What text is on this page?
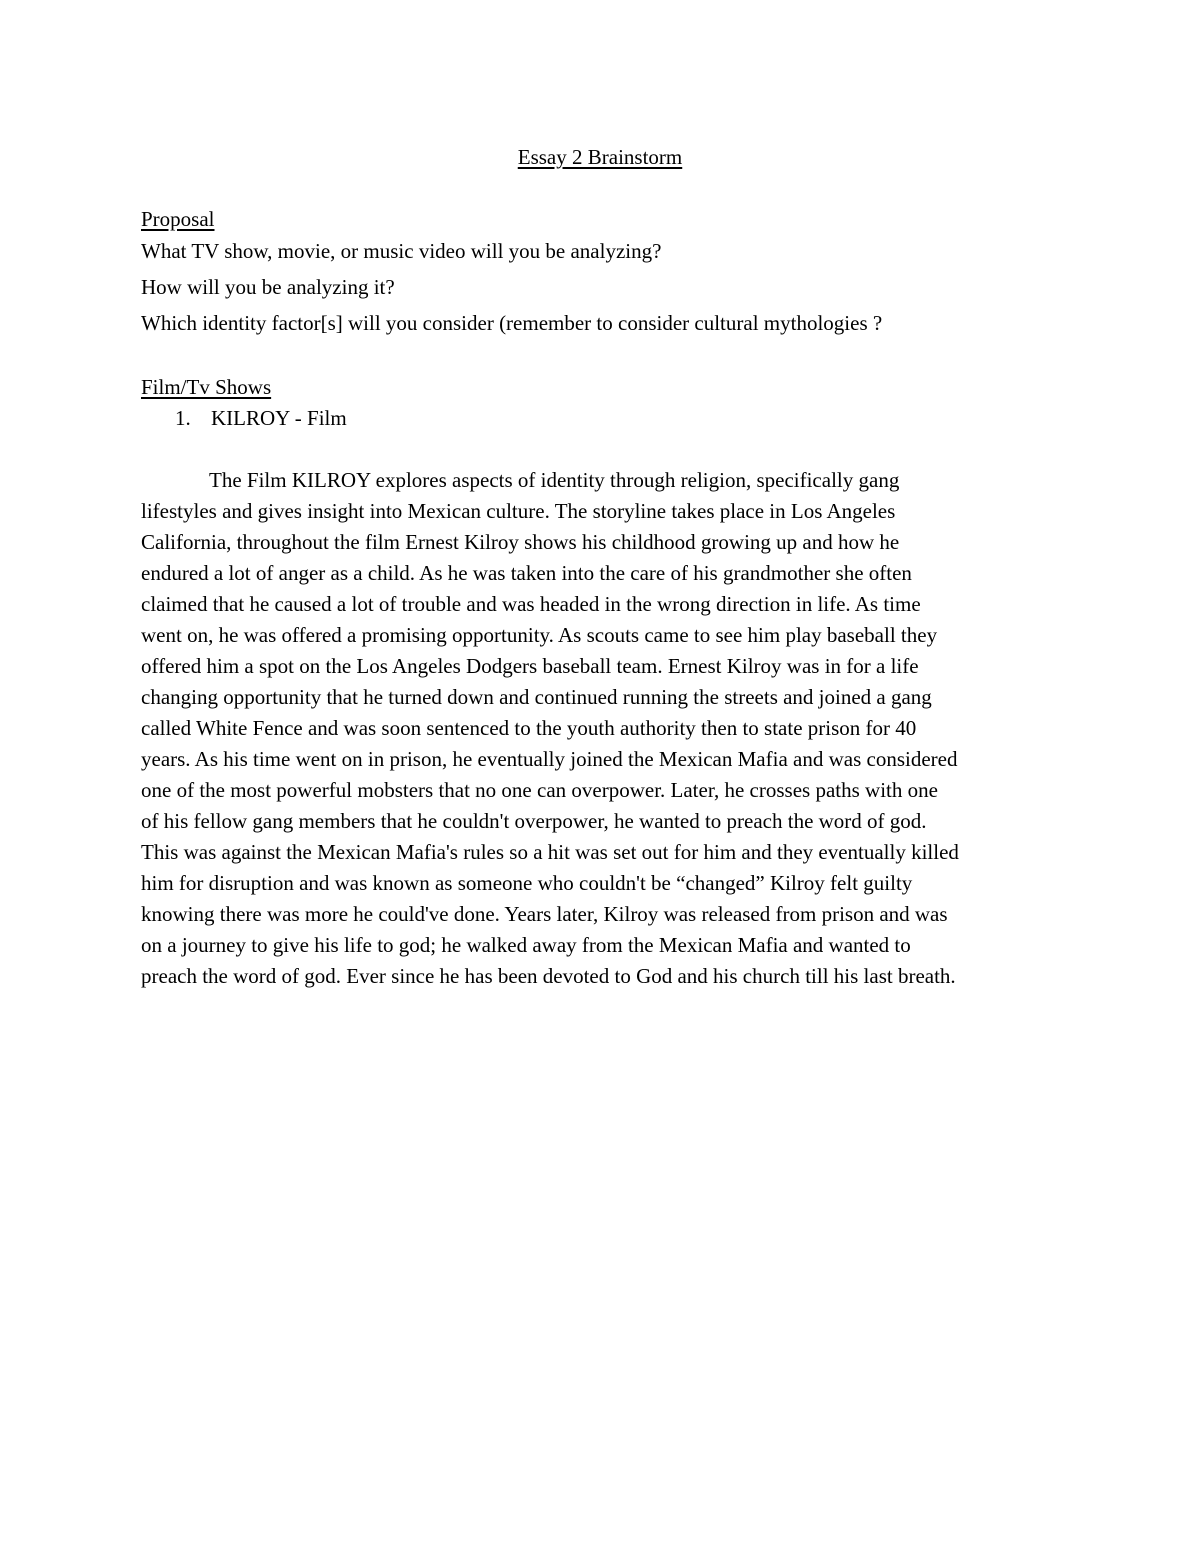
Essay 2 Brainstorm
Proposal
What TV show, movie, or music video will you be analyzing?
How will you be analyzing it?
Which identity factor[s] will you consider (remember to consider cultural mythologies ?
Film/Tv Shows
1. KILROY - Film
The Film KILROY explores aspects of identity through religion, specifically gang
lifestyles and gives insight into Mexican culture. The storyline takes place in Los Angeles
California, throughout the film Ernest Kilroy shows his childhood growing up and how he
endured a lot of anger as a child. As he was taken into the care of his grandmother she often
claimed that he caused a lot of trouble and was headed in the wrong direction in life. As time
went on, he was offered a promising opportunity. As scouts came to see him play baseball they
offered him a spot on the Los Angeles Dodgers baseball team. Ernest Kilroy was in for a life
changing opportunity that he turned down and continued running the streets and joined a gang
called White Fence and was soon sentenced to the youth authority then to state prison for 40
years. As his time went on in prison, he eventually joined the Mexican Mafia and was considered
one of the most powerful mobsters that no one can overpower. Later, he crosses paths with one
of his fellow gang members that he couldn't overpower, he wanted to preach the word of god.
This was against the Mexican Mafia's rules so a hit was set out for him and they eventually killed
him for disruption and was known as someone who couldn't be “changed” Kilroy felt guilty
knowing there was more he could've done. Years later, Kilroy was released from prison and was
on a journey to give his life to god; he walked away from the Mexican Mafia and wanted to
preach the word of god. Ever since he has been devoted to God and his church till his last breath.
